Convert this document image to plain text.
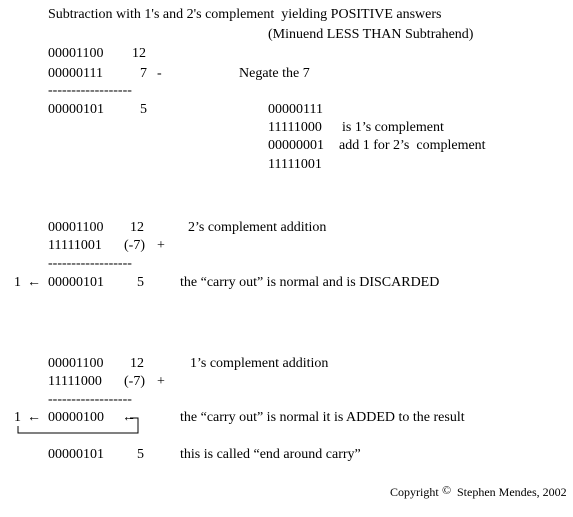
Subtraction with 1's and 2's complement  yielding POSITIVE answers
(Minuend LESS THAN Subtrahend)
00001100 12
00000111	7 -	Negate the 7
------------------
00000101	5	00000111
11111000 is 1’s complement
00000001 add 1 for 2’s  complement
11111001
00001100 12	2’s complement addition
11111001 (-7) +
------------------
1 ← 00000101 5	the “carry out” is normal and is DISCARDED
00001100 12	1’s complement addition
11111000 (-7) +
------------------
1 ← 00000100 ←	the “carry out” is normal it is ADDED to the result
00000101 5	this is called “end around carry”
Copyright © Stephen Mendes, 2002
